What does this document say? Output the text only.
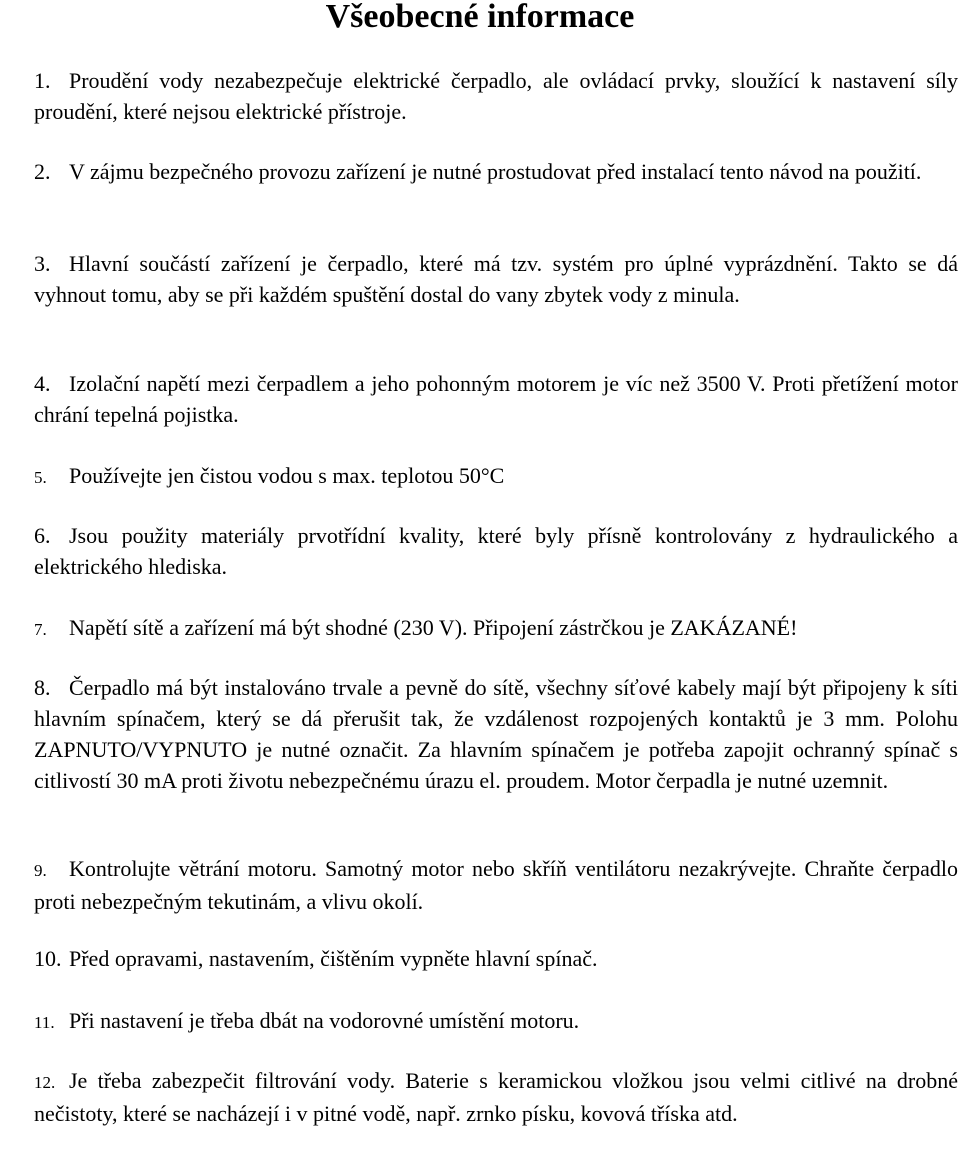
Všeobecné informace
1. Proudění vody nezabezpečuje elektrické čerpadlo, ale ovládací prvky, sloužící k nastavení síly proudění, které nejsou elektrické přístroje.
2. V zájmu bezpečného provozu zařízení je nutné prostudovat před instalací tento návod na použití.
3. Hlavní součástí zařízení je čerpadlo, které má tzv. systém pro úplné vyprázdnění. Takto se dá vyhnout tomu, aby se při každém spuštění dostal do vany zbytek vody z minula.
4. Izolační napětí mezi čerpadlem a jeho pohonným motorem je víc než 3500 V. Proti přetížení motor chrání tepelná pojistka.
5. Používejte jen čistou vodou s max. teplotou 50°C
6. Jsou použity materiály prvotřídní kvality, které byly přísně kontrolovány z hydraulického a elektrického hlediska.
7. Napětí sítě a zařízení má být shodné (230 V). Připojení zástrčkou je ZAKÁZANÉ!
8. Čerpadlo má být instalováno trvale a pevně do sítě, všechny síťové kabely mají být připojeny k síti hlavním spínačem, který se dá přerušit tak, že vzdálenost rozpojených kontaktů je 3 mm. Polohu ZAPNUTO/VYPNUTO je nutné označit. Za hlavním spínačem je potřeba zapojit ochranný spínač s citlivostí 30 mA proti životu nebezpečnému úrazu el. proudem. Motor čerpadla je nutné uzemnit.
9. Kontrolujte větrání motoru. Samotný motor nebo skříň ventilátoru nezakrývejte. Chraňte čerpadlo proti nebezpečným tekutinám, a vlivu okolí.
10. Před opravami, nastavením, čištěním vypněte hlavní spínač.
11. Při nastavení je třeba dbát na vodorovné umístění motoru.
12. Je třeba zabezpečit filtrování vody. Baterie s keramickou vložkou jsou velmi citlivé na drobné nečistoty, které se nacházejí i v pitné vodě, např. zrnko písku, kovová tříska atd.
